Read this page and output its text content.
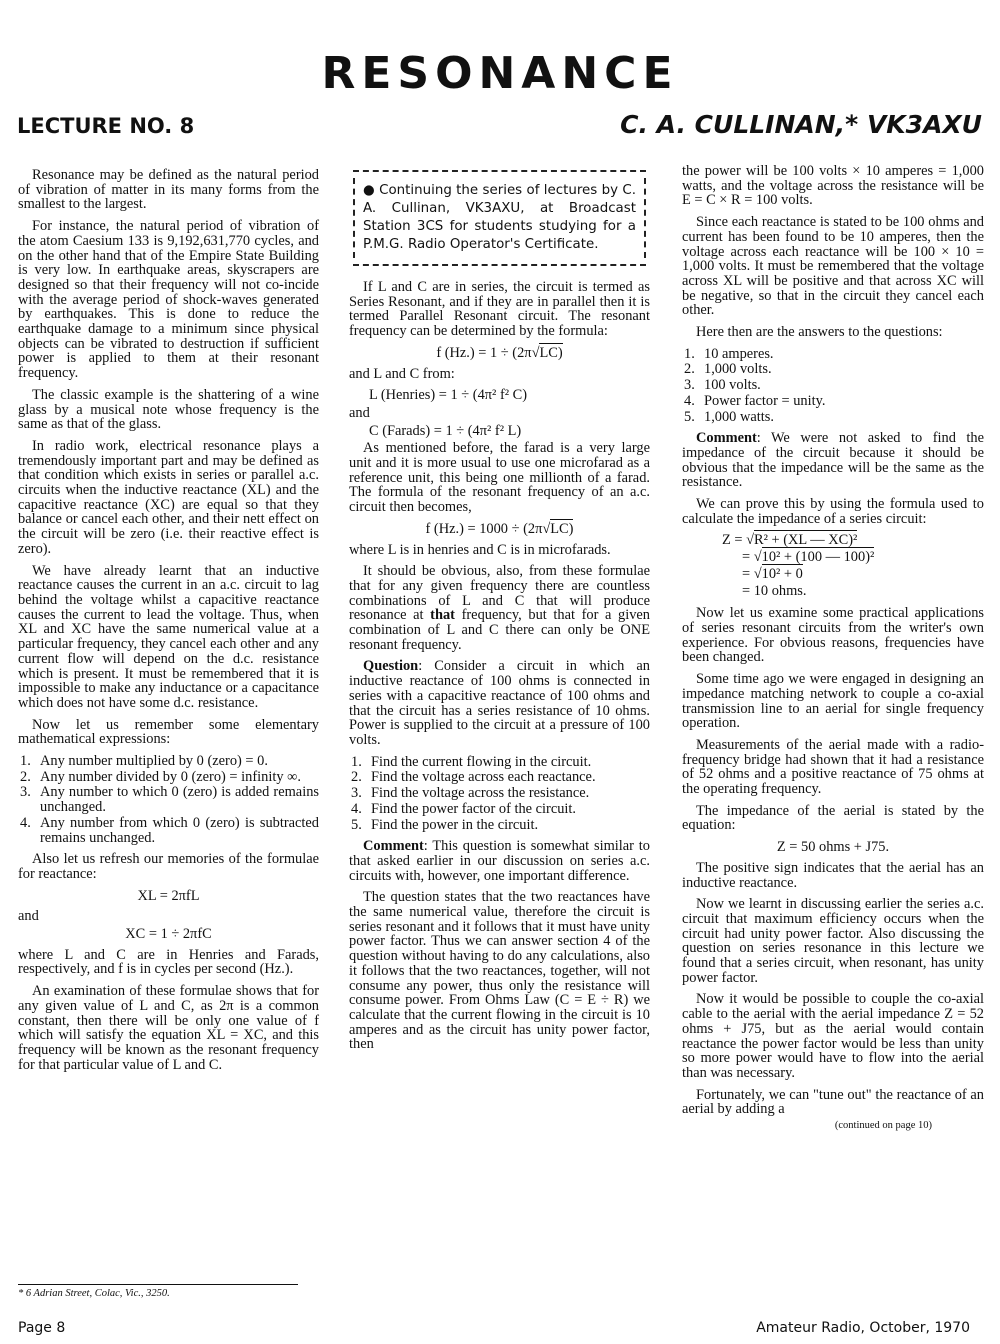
RESONANCE
LECTURE NO. 8	C. A. CULLINAN,* VK3AXU

Resonance may be defined as the natural period of vibration of matter in its many forms from the smallest to the largest.

For instance, the natural period of vibration of the atom Caesium 133 is 9,192,631,770 cycles, and on the other hand that of the Empire State Building is very low. In earthquake areas, skyscrapers are designed so that their frequency will not co-incide with the average period of shock-waves generated by earthquakes. This is done to reduce the earthquake damage to a minimum since physical objects can be vibrated to destruction if sufficient power is applied to them at their resonant frequency.

The classic example is the shattering of a wine glass by a musical note whose frequency is the same as that of the glass.

In radio work, electrical resonance plays a tremendously important part and may be defined as that condition which exists in series or parallel a.c. circuits when the inductive reactance (XL) and the capacitive reactance (XC) are equal so that they balance or cancel each other, and their nett effect on the circuit will be zero (i.e. their reactive effect is zero).

We have already learnt that an inductive reactance causes the current in an a.c. circuit to lag behind the voltage whilst a capacitive reactance causes the current to lead the voltage. Thus, when XL and XC have the same numerical value at a particular frequency, they cancel each other and any current flow will depend on the d.c. resistance which is present. It must be remembered that it is impossible to make any inductance or a capacitance which does not have some d.c. resistance.

Now let us remember some elementary mathematical expressions:

1. Any number multiplied by 0 (zero) = 0.
2. Any number divided by 0 (zero) = infinity ∞.
3. Any number to which 0 (zero) is added remains unchanged.
4. Any number from which 0 (zero) is subtracted remains unchanged.

Also let us refresh our memories of the formulae for reactance:

XL = 2πfL
and
XC = 1 ÷ 2πfC

where L and C are in Henries and Farads, respectively, and f is in cycles per second (Hz.).

An examination of these formulae shows that for any given value of L and C, as 2π is a common constant, then there will be only one value of f which will satisfy the equation XL = XC, and this frequency will be known as the resonant frequency for that particular value of L and C.

● Continuing the series of lectures by C. A. Cullinan, VK3AXU, at Broadcast Station 3CS for students studying for a P.M.G. Radio Operator's Certificate.

If L and C are in series, the circuit is termed as Series Resonant, and if they are in parallel then it is termed Parallel Resonant circuit. The resonant frequency can be determined by the formula:

f (Hz.) = 1 ÷ (2π√LC)

and L and C from:

L (Henries) = 1 ÷ (4π² f² C)
and
C (Farads) = 1 ÷ (4π² f² L)

As mentioned before, the farad is a very large unit and it is more usual to use one microfarad as a reference unit, this being one millionth of a farad. The formula of the resonant frequency of an a.c. circuit then becomes,

f (Hz.) = 1000 ÷ (2π√LC)

where L is in henries and C is in microfarads.

It should be obvious, also, from these formulae that for any given frequency there are countless combinations of L and C that will produce resonance at that frequency, but that for a given combination of L and C there can only be ONE resonant frequency.

Question: Consider a circuit in which an inductive reactance of 100 ohms is connected in series with a capacitive reactance of 100 ohms and that the circuit has a series resistance of 10 ohms. Power is supplied to the circuit at a pressure of 100 volts.

1. Find the current flowing in the circuit.
2. Find the voltage across each reactance.
3. Find the voltage across the resistance.
4. Find the power factor of the circuit.
5. Find the power in the circuit.

Comment: This question is somewhat similar to that asked earlier in our discussion on series a.c. circuits with, however, one important difference.

The question states that the two reactances have the same numerical value, therefore the circuit is series resonant and it follows that it must have unity power factor. Thus we can answer section 4 of the question without having to do any calculations, also it follows that the two reactances, together, will not consume any power, thus only the resistance will consume power. From Ohms Law (C = E ÷ R) we calculate that the current flowing in the circuit is 10 amperes and as the circuit has unity power factor, then

the power will be 100 volts × 10 amperes = 1,000 watts, and the voltage across the resistance will be E = C × R = 100 volts.

Since each reactance is stated to be 100 ohms and current has been found to be 10 amperes, then the voltage across each reactance will be 100 × 10 = 1,000 volts. It must be remembered that the voltage across XL will be positive and that across XC will be negative, so that in the circuit they cancel each other.

Here then are the answers to the questions:

1. 10 amperes.
2. 1,000 volts.
3. 100 volts.
4. Power factor = unity.
5. 1,000 watts.

Comment: We were not asked to find the impedance of the circuit because it should be obvious that the impedance will be the same as the resistance.

We can prove this by using the formula used to calculate the impedance of a series circuit:

Z = √R² + (XL — XC)²
= √10² + (100 — 100)²
= √10² + 0
= 10 ohms.

Now let us examine some practical applications of series resonant circuits from the writer's own experience. For obvious reasons, frequencies have been changed.

Some time ago we were engaged in designing an impedance matching network to couple a co-axial transmission line to an aerial for single frequency operation.

Measurements of the aerial made with a radio-frequency bridge had shown that it had a resistance of 52 ohms and a positive reactance of 75 ohms at the operating frequency.

The impedance of the aerial is stated by the equation:

Z = 50 ohms + J75.

The positive sign indicates that the aerial has an inductive reactance.

Now we learnt in discussing earlier the series a.c. circuit that maximum efficiency occurs when the circuit had unity power factor. Also discussing the question on series resonance in this lecture we found that a series circuit, when resonant, has unity power factor.

Now it would be possible to couple the co-axial cable to the aerial with the aerial impedance Z = 52 ohms + J75, but as the aerial would contain reactance the power factor would be less than unity so more power would have to flow into the aerial than was necessary.

Fortunately, we can "tune out" the reactance of an aerial by adding a

(continued on page 10)
* 6 Adrian Street, Colac, Vic., 3250.
Page 8	Amateur Radio, October, 1970
